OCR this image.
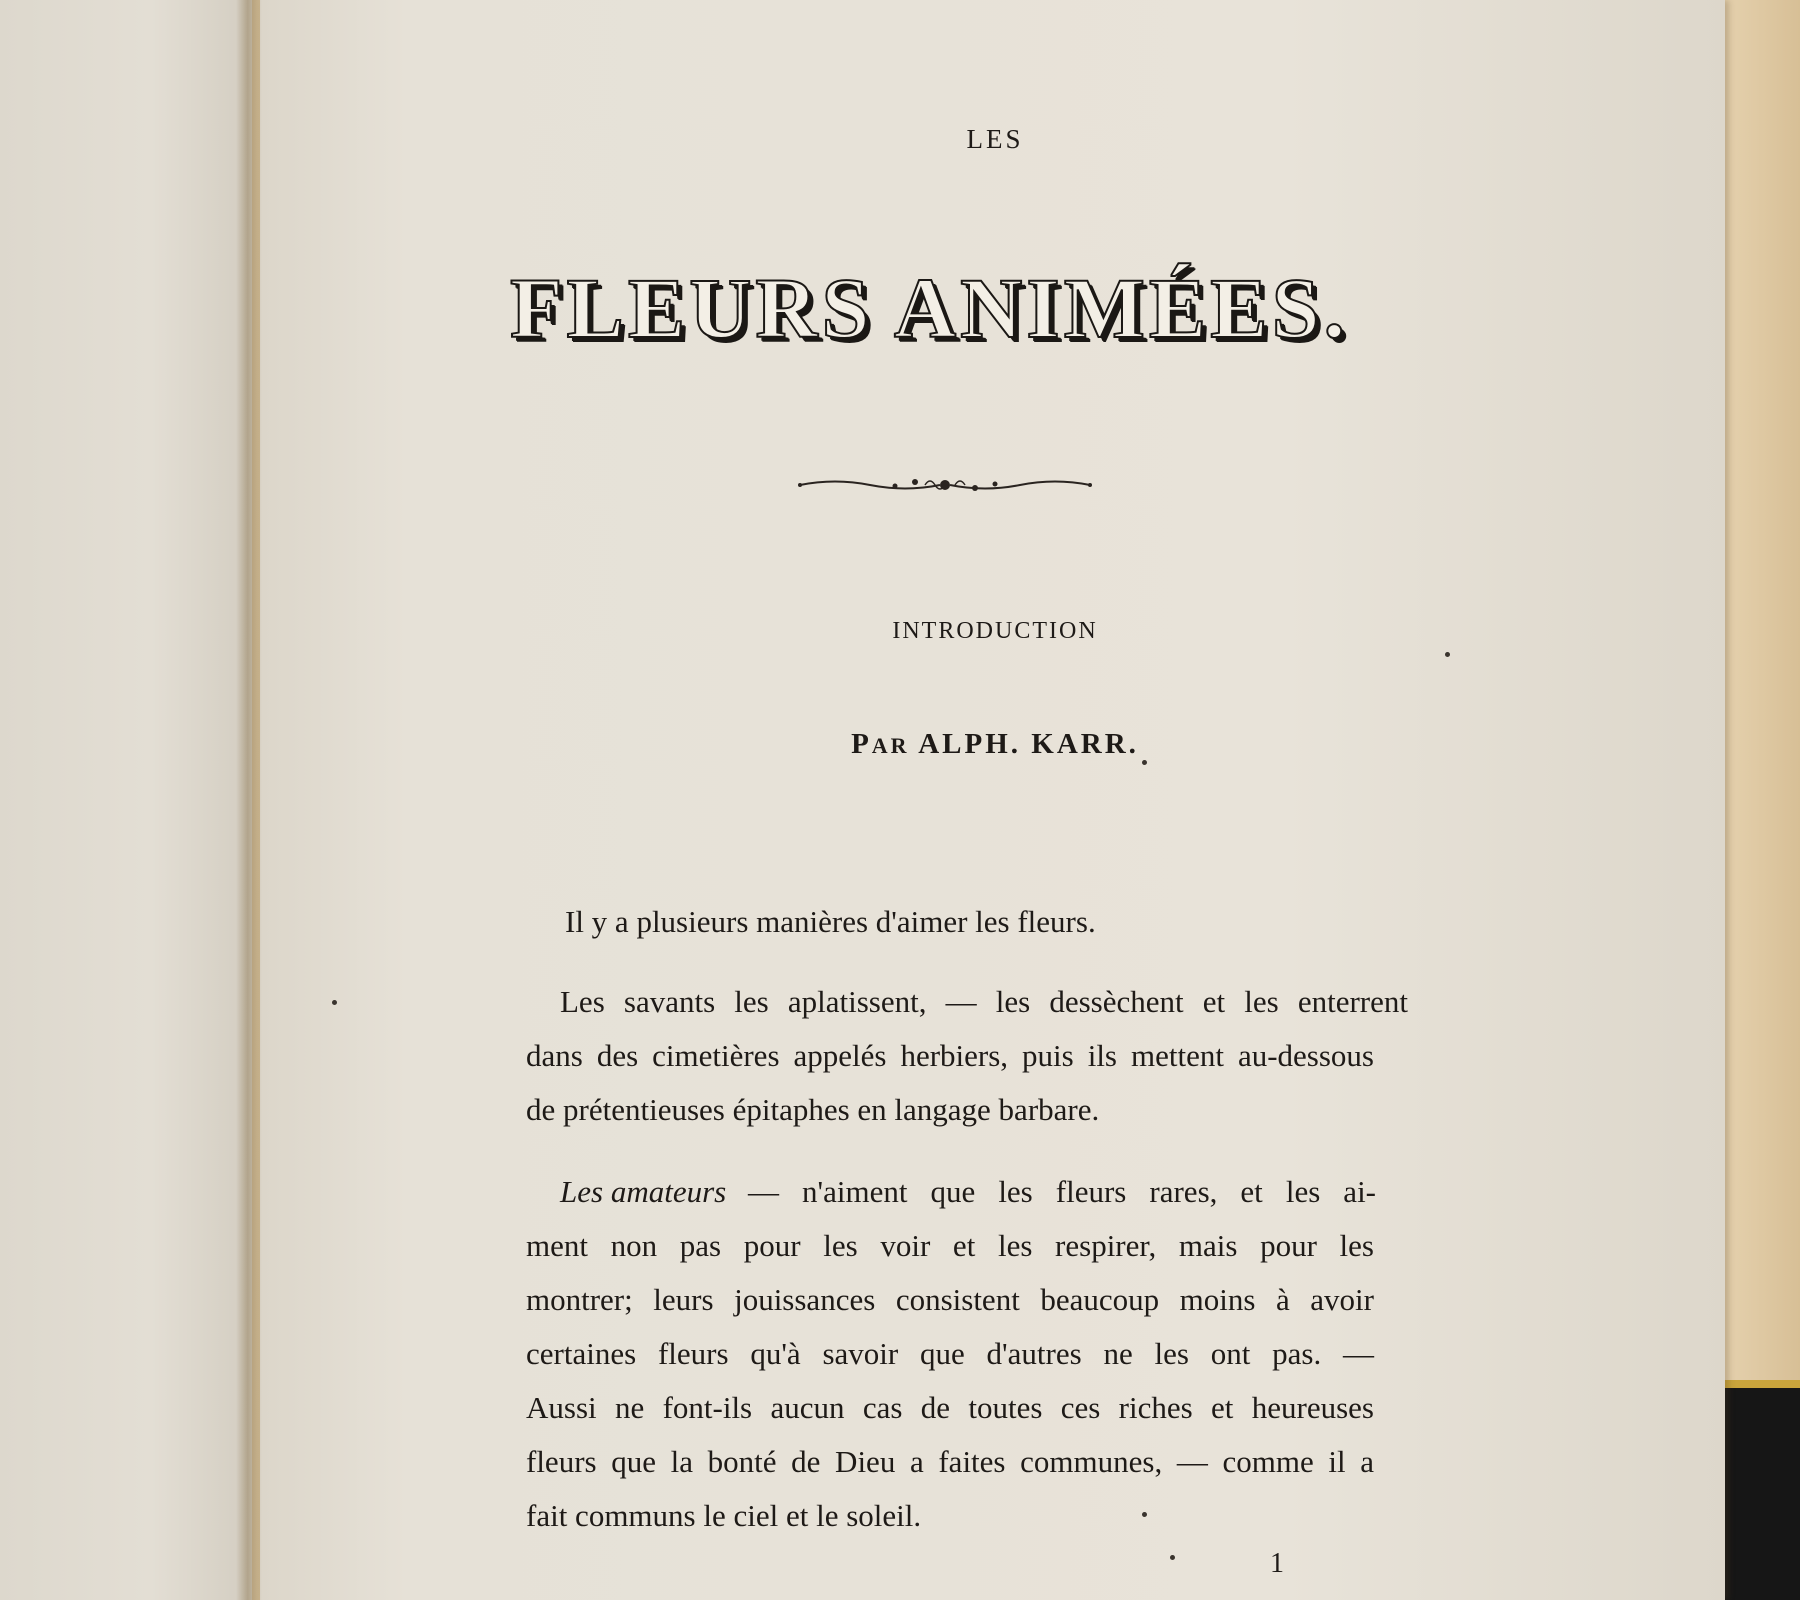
LES

FLEURS ANIMÉES.

INTRODUCTION

PAR ALPH. KARR.

Il y a plusieurs manières d'aimer les fleurs.

Les savants les aplatissent, — les dessèchent et les enterrent

dans des cimetières appelés herbiers, puis ils mettent au-dessous

de prétentieuses épitaphes en langage barbare.

Les amateurs — n'aiment que les fleurs rares, et les ai-

ment non pas pour les voir et les respirer, mais pour les

montrer; leurs jouissances consistent beaucoup moins à avoir

certaines fleurs qu'à savoir que d'autres ne les ont pas. —

Aussi ne font-ils aucun cas de toutes ces riches et heureuses

fleurs que la bonté de Dieu a faites communes, — comme il a

fait communs le ciel et le soleil.

1
